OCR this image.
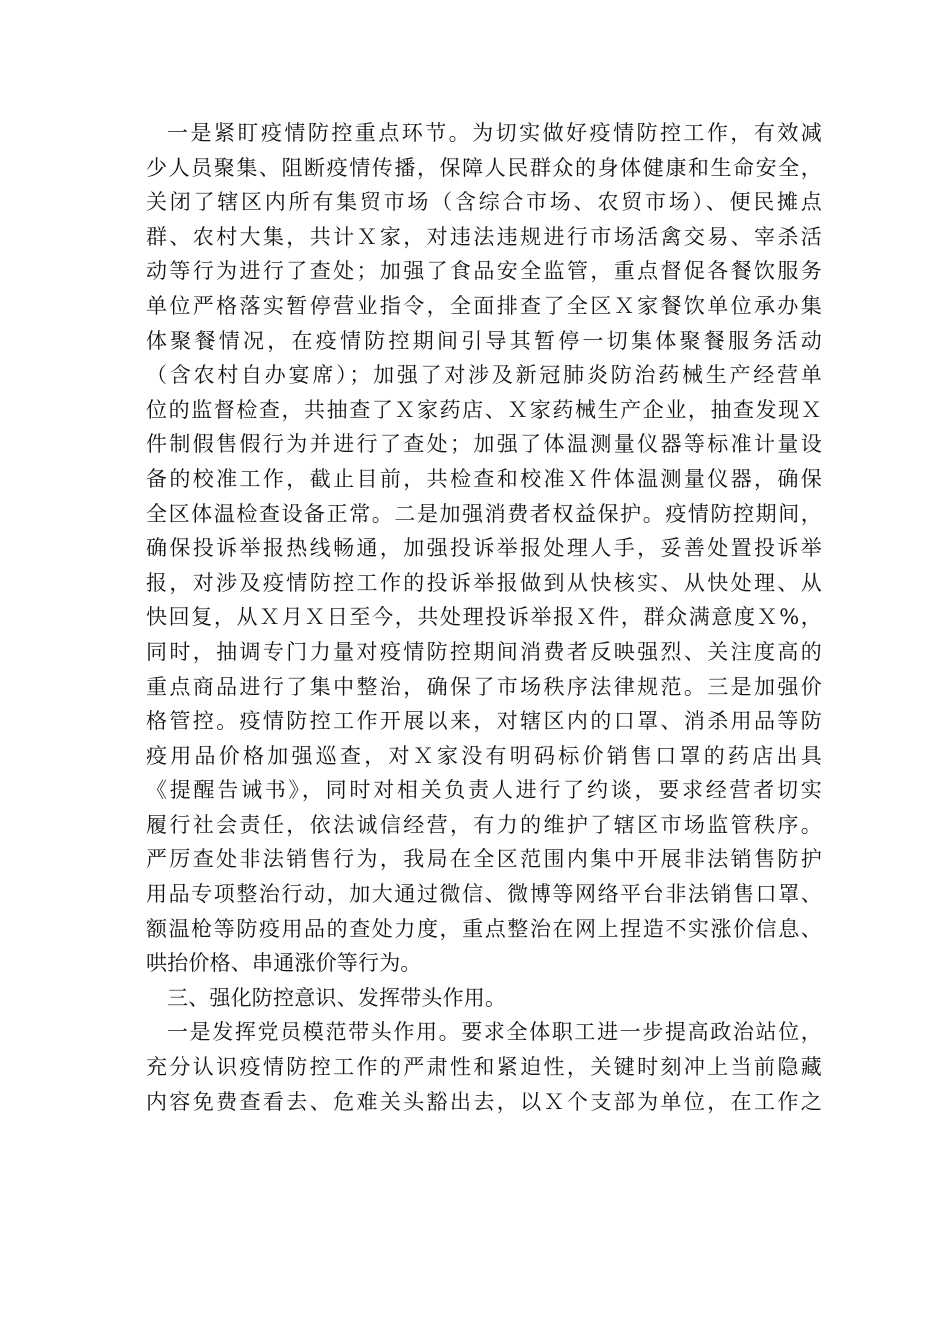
一是紧盯疫情防控重点环节。为切实做好疫情防控工作，有效减
少人员聚集、阻断疫情传播，保障人民群众的身体健康和生命安全，
关闭了辖区内所有集贸市场（含综合市场、农贸市场）、便民摊点
群、农村大集，共计Ｘ家，对违法违规进行市场活禽交易、宰杀活
动等行为进行了查处；加强了食品安全监管，重点督促各餐饮服务
单位严格落实暂停营业指令，全面排查了全区Ｘ家餐饮单位承办集
体聚餐情况，在疫情防控期间引导其暂停一切集体聚餐服务活动
（含农村自办宴席）；加强了对涉及新冠肺炎防治药械生产经营单
位的监督检查，共抽查了Ｘ家药店、Ｘ家药械生产企业，抽查发现Ｘ
件制假售假行为并进行了查处；加强了体温测量仪器等标准计量设
备的校准工作，截止目前，共检查和校准Ｘ件体温测量仪器，确保
全区体温检查设备正常。二是加强消费者权益保护。疫情防控期间，
确保投诉举报热线畅通，加强投诉举报处理人手，妥善处置投诉举
报，对涉及疫情防控工作的投诉举报做到从快核实、从快处理、从
快回复，从Ｘ月Ｘ日至今，共处理投诉举报Ｘ件，群众满意度Ｘ%，
同时，抽调专门力量对疫情防控期间消费者反映强烈、关注度高的
重点商品进行了集中整治，确保了市场秩序法律规范。三是加强价
格管控。疫情防控工作开展以来，对辖区内的口罩、消杀用品等防
疫用品价格加强巡查，对Ｘ家没有明码标价销售口罩的药店出具
《提醒告诫书》，同时对相关负责人进行了约谈，要求经营者切实
履行社会责任，依法诚信经营，有力的维护了辖区市场监管秩序。
严厉查处非法销售行为，我局在全区范围内集中开展非法销售防护
用品专项整治行动，加大通过微信、微博等网络平台非法销售口罩、
额温枪等防疫用品的查处力度，重点整治在网上捏造不实涨价信息、
哄抬价格、串通涨价等行为。
三、强化防控意识、发挥带头作用。
一是发挥党员模范带头作用。要求全体职工进一步提高政治站位，
充分认识疫情防控工作的严肃性和紧迫性，关键时刻冲上当前隐藏
内容免费查看去、危难关头豁出去，以Ｘ个支部为单位，在工作之
